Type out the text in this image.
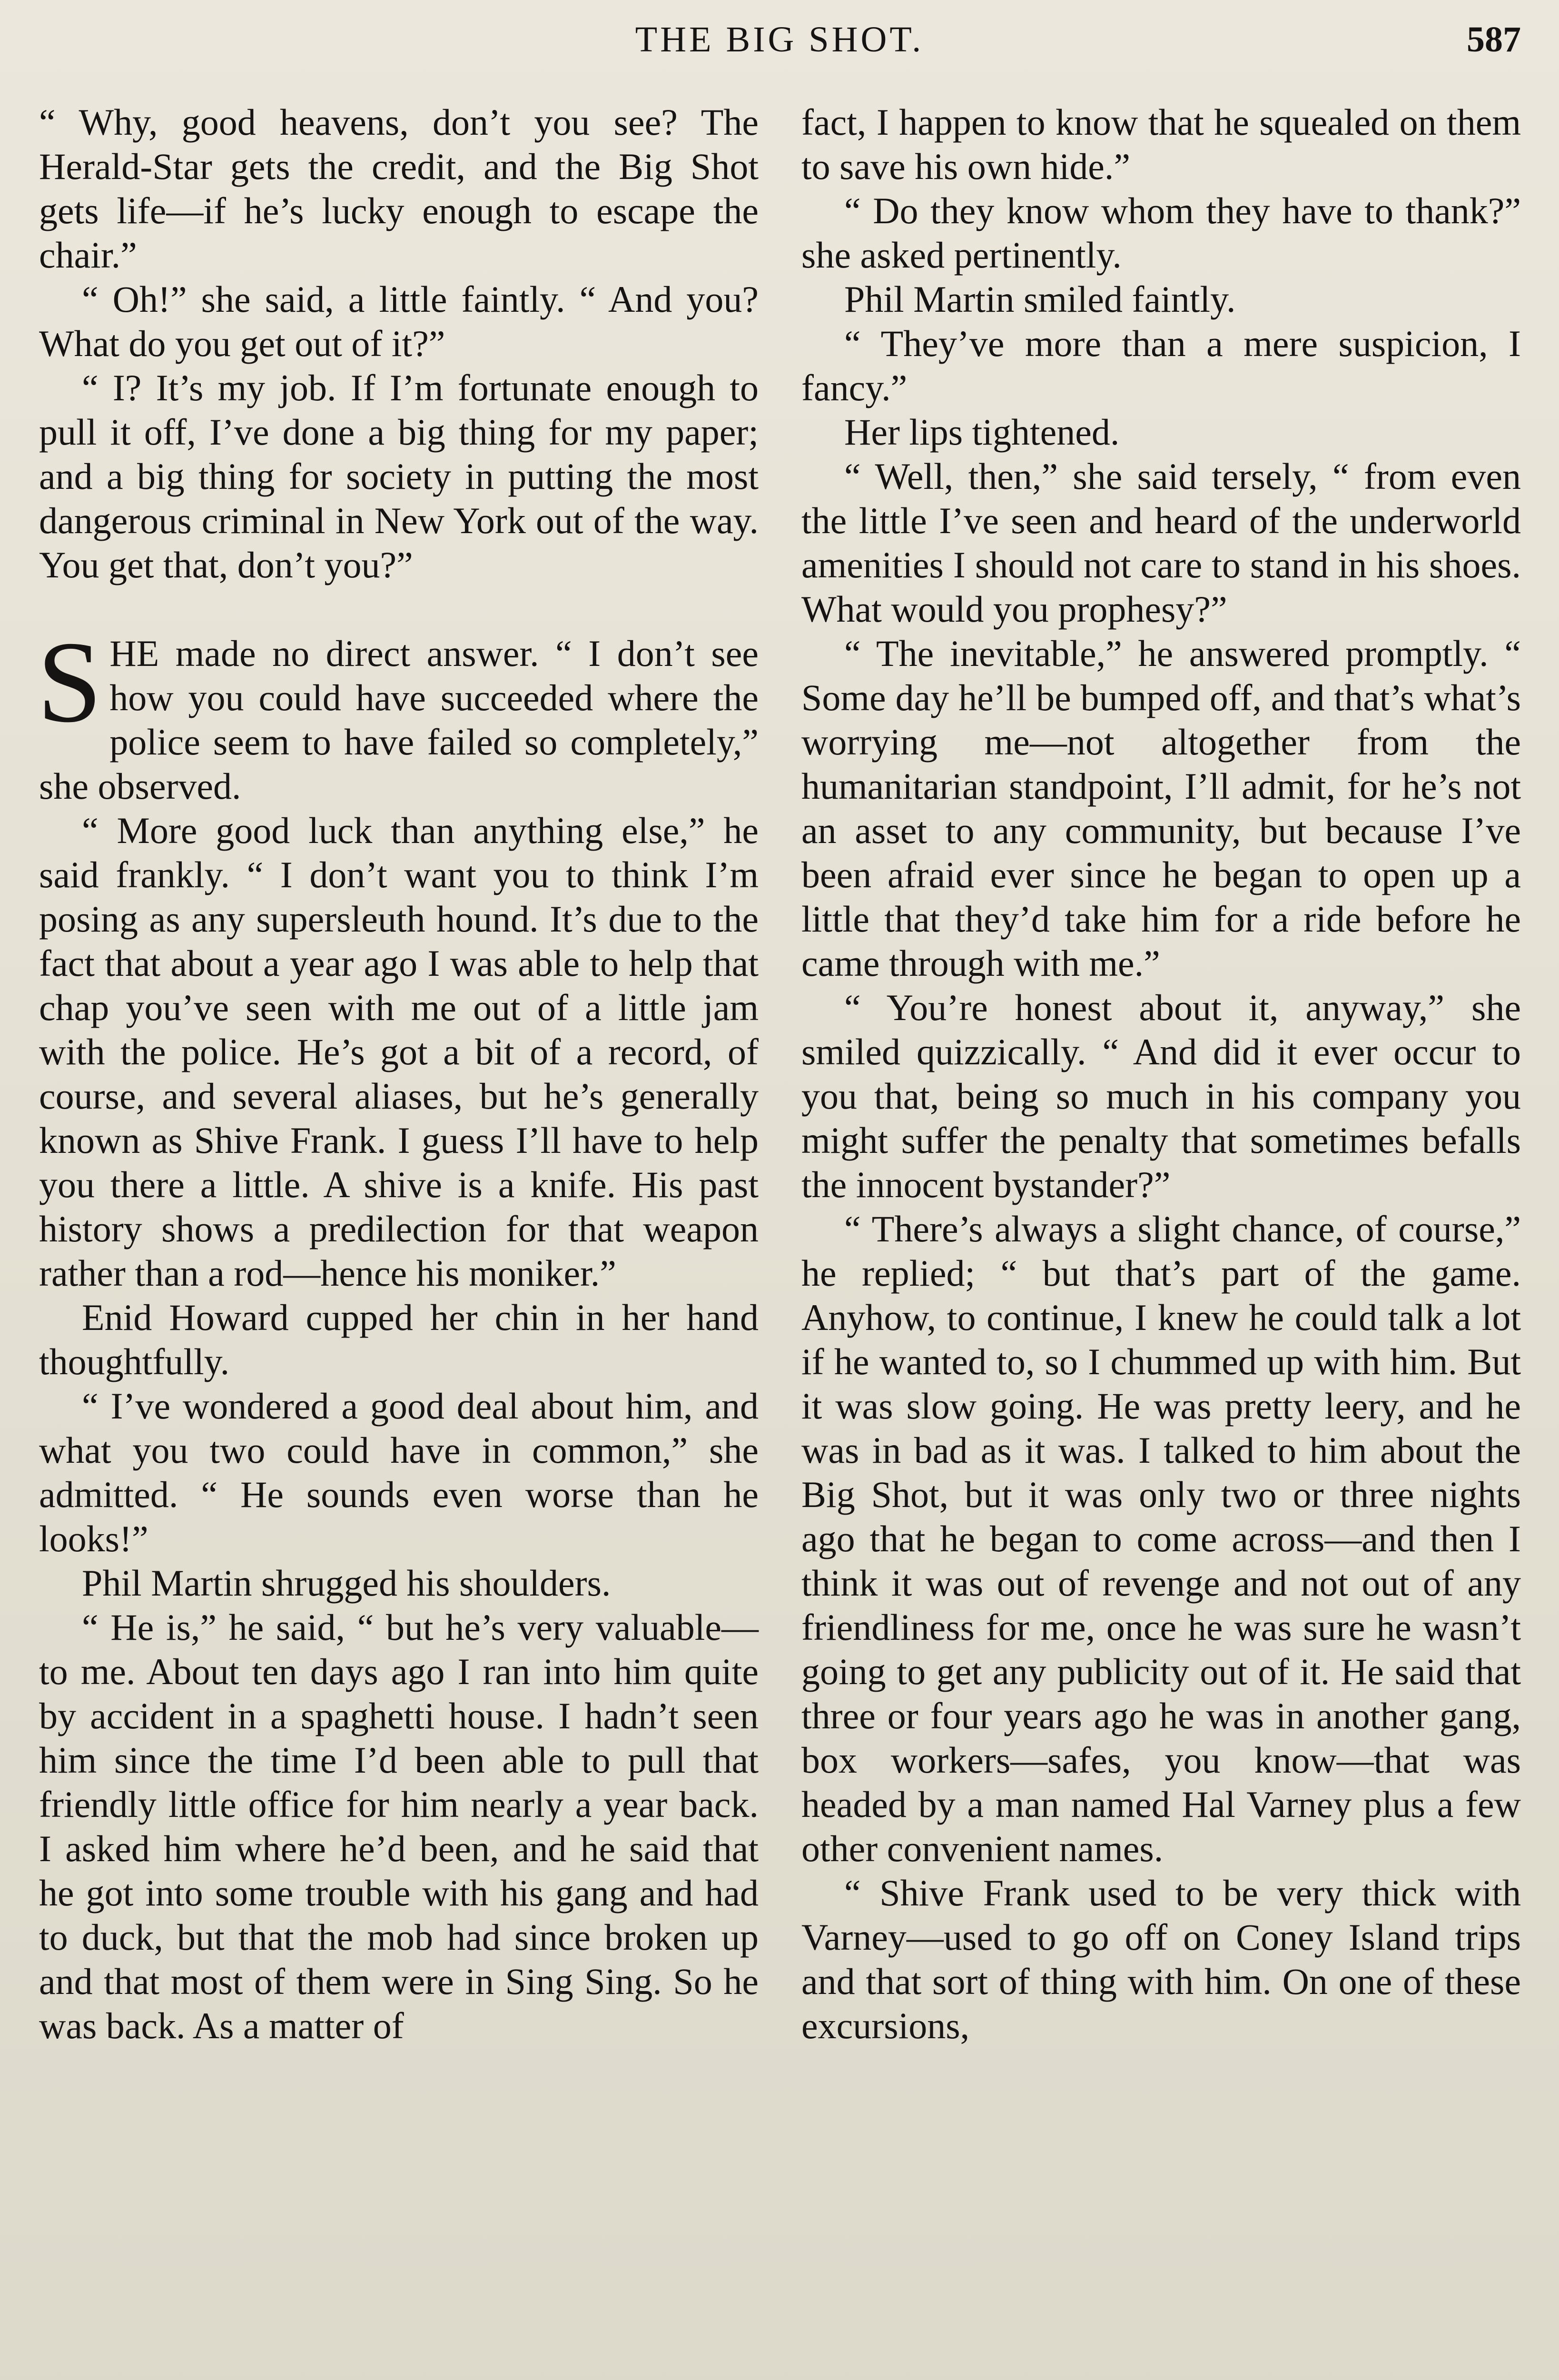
THE BIG SHOT.	587

“ Why, good heavens, don’t you see? The Herald-Star gets the credit, and the Big Shot gets life—if he’s lucky enough to escape the chair.”

“ Oh!” she said, a little faintly. “ And you? What do you get out of it?”

“ I? It’s my job. If I’m fortunate enough to pull it off, I’ve done a big thing for my paper; and a big thing for society in putting the most dangerous criminal in New York out of the way. You get that, don’t you?”

SHE made no direct answer. “ I don’t see how you could have succeeded where the police seem to have failed so completely,” she observed.

“ More good luck than anything else,” he said frankly. “ I don’t want you to think I’m posing as any supersleuth hound. It’s due to the fact that about a year ago I was able to help that chap you’ve seen with me out of a little jam with the police. He’s got a bit of a record, of course, and several aliases, but he’s generally known as Shive Frank. I guess I’ll have to help you there a little. A shive is a knife. His past history shows a predilection for that weapon rather than a rod—hence his moniker.”

Enid Howard cupped her chin in her hand thoughtfully.

“ I’ve wondered a good deal about him, and what you two could have in common,” she admitted. “ He sounds even worse than he looks!”

Phil Martin shrugged his shoulders.

“ He is,” he said, “ but he’s very valuable—to me. About ten days ago I ran into him quite by accident in a spaghetti house. I hadn’t seen him since the time I’d been able to pull that friendly little office for him nearly a year back. I asked him where he’d been, and he said that he got into some trouble with his gang and had to duck, but that the mob had since broken up and that most of them were in Sing Sing. So he was back. As a matter of

fact, I happen to know that he squealed on them to save his own hide.”

“ Do they know whom they have to thank?” she asked pertinently.

Phil Martin smiled faintly.

“ They’ve more than a mere suspicion, I fancy.”

Her lips tightened.

“ Well, then,” she said tersely, “ from even the little I’ve seen and heard of the underworld amenities I should not care to stand in his shoes. What would you prophesy?”

“ The inevitable,” he answered promptly. “ Some day he’ll be bumped off, and that’s what’s worrying me—not altogether from the humanitarian standpoint, I’ll admit, for he’s not an asset to any community, but because I’ve been afraid ever since he began to open up a little that they’d take him for a ride before he came through with me.”

“ You’re honest about it, anyway,” she smiled quizzically. “ And did it ever occur to you that, being so much in his company you might suffer the penalty that sometimes befalls the innocent bystander?”

“ There’s always a slight chance, of course,” he replied; “ but that’s part of the game. Anyhow, to continue, I knew he could talk a lot if he wanted to, so I chummed up with him. But it was slow going. He was pretty leery, and he was in bad as it was. I talked to him about the Big Shot, but it was only two or three nights ago that he began to come across—and then I think it was out of revenge and not out of any friendliness for me, once he was sure he wasn’t going to get any publicity out of it. He said that three or four years ago he was in another gang, box workers—safes, you know—that was headed by a man named Hal Varney plus a few other convenient names.

“ Shive Frank used to be very thick with Varney—used to go off on Coney Island trips and that sort of thing with him. On one of these excursions,
